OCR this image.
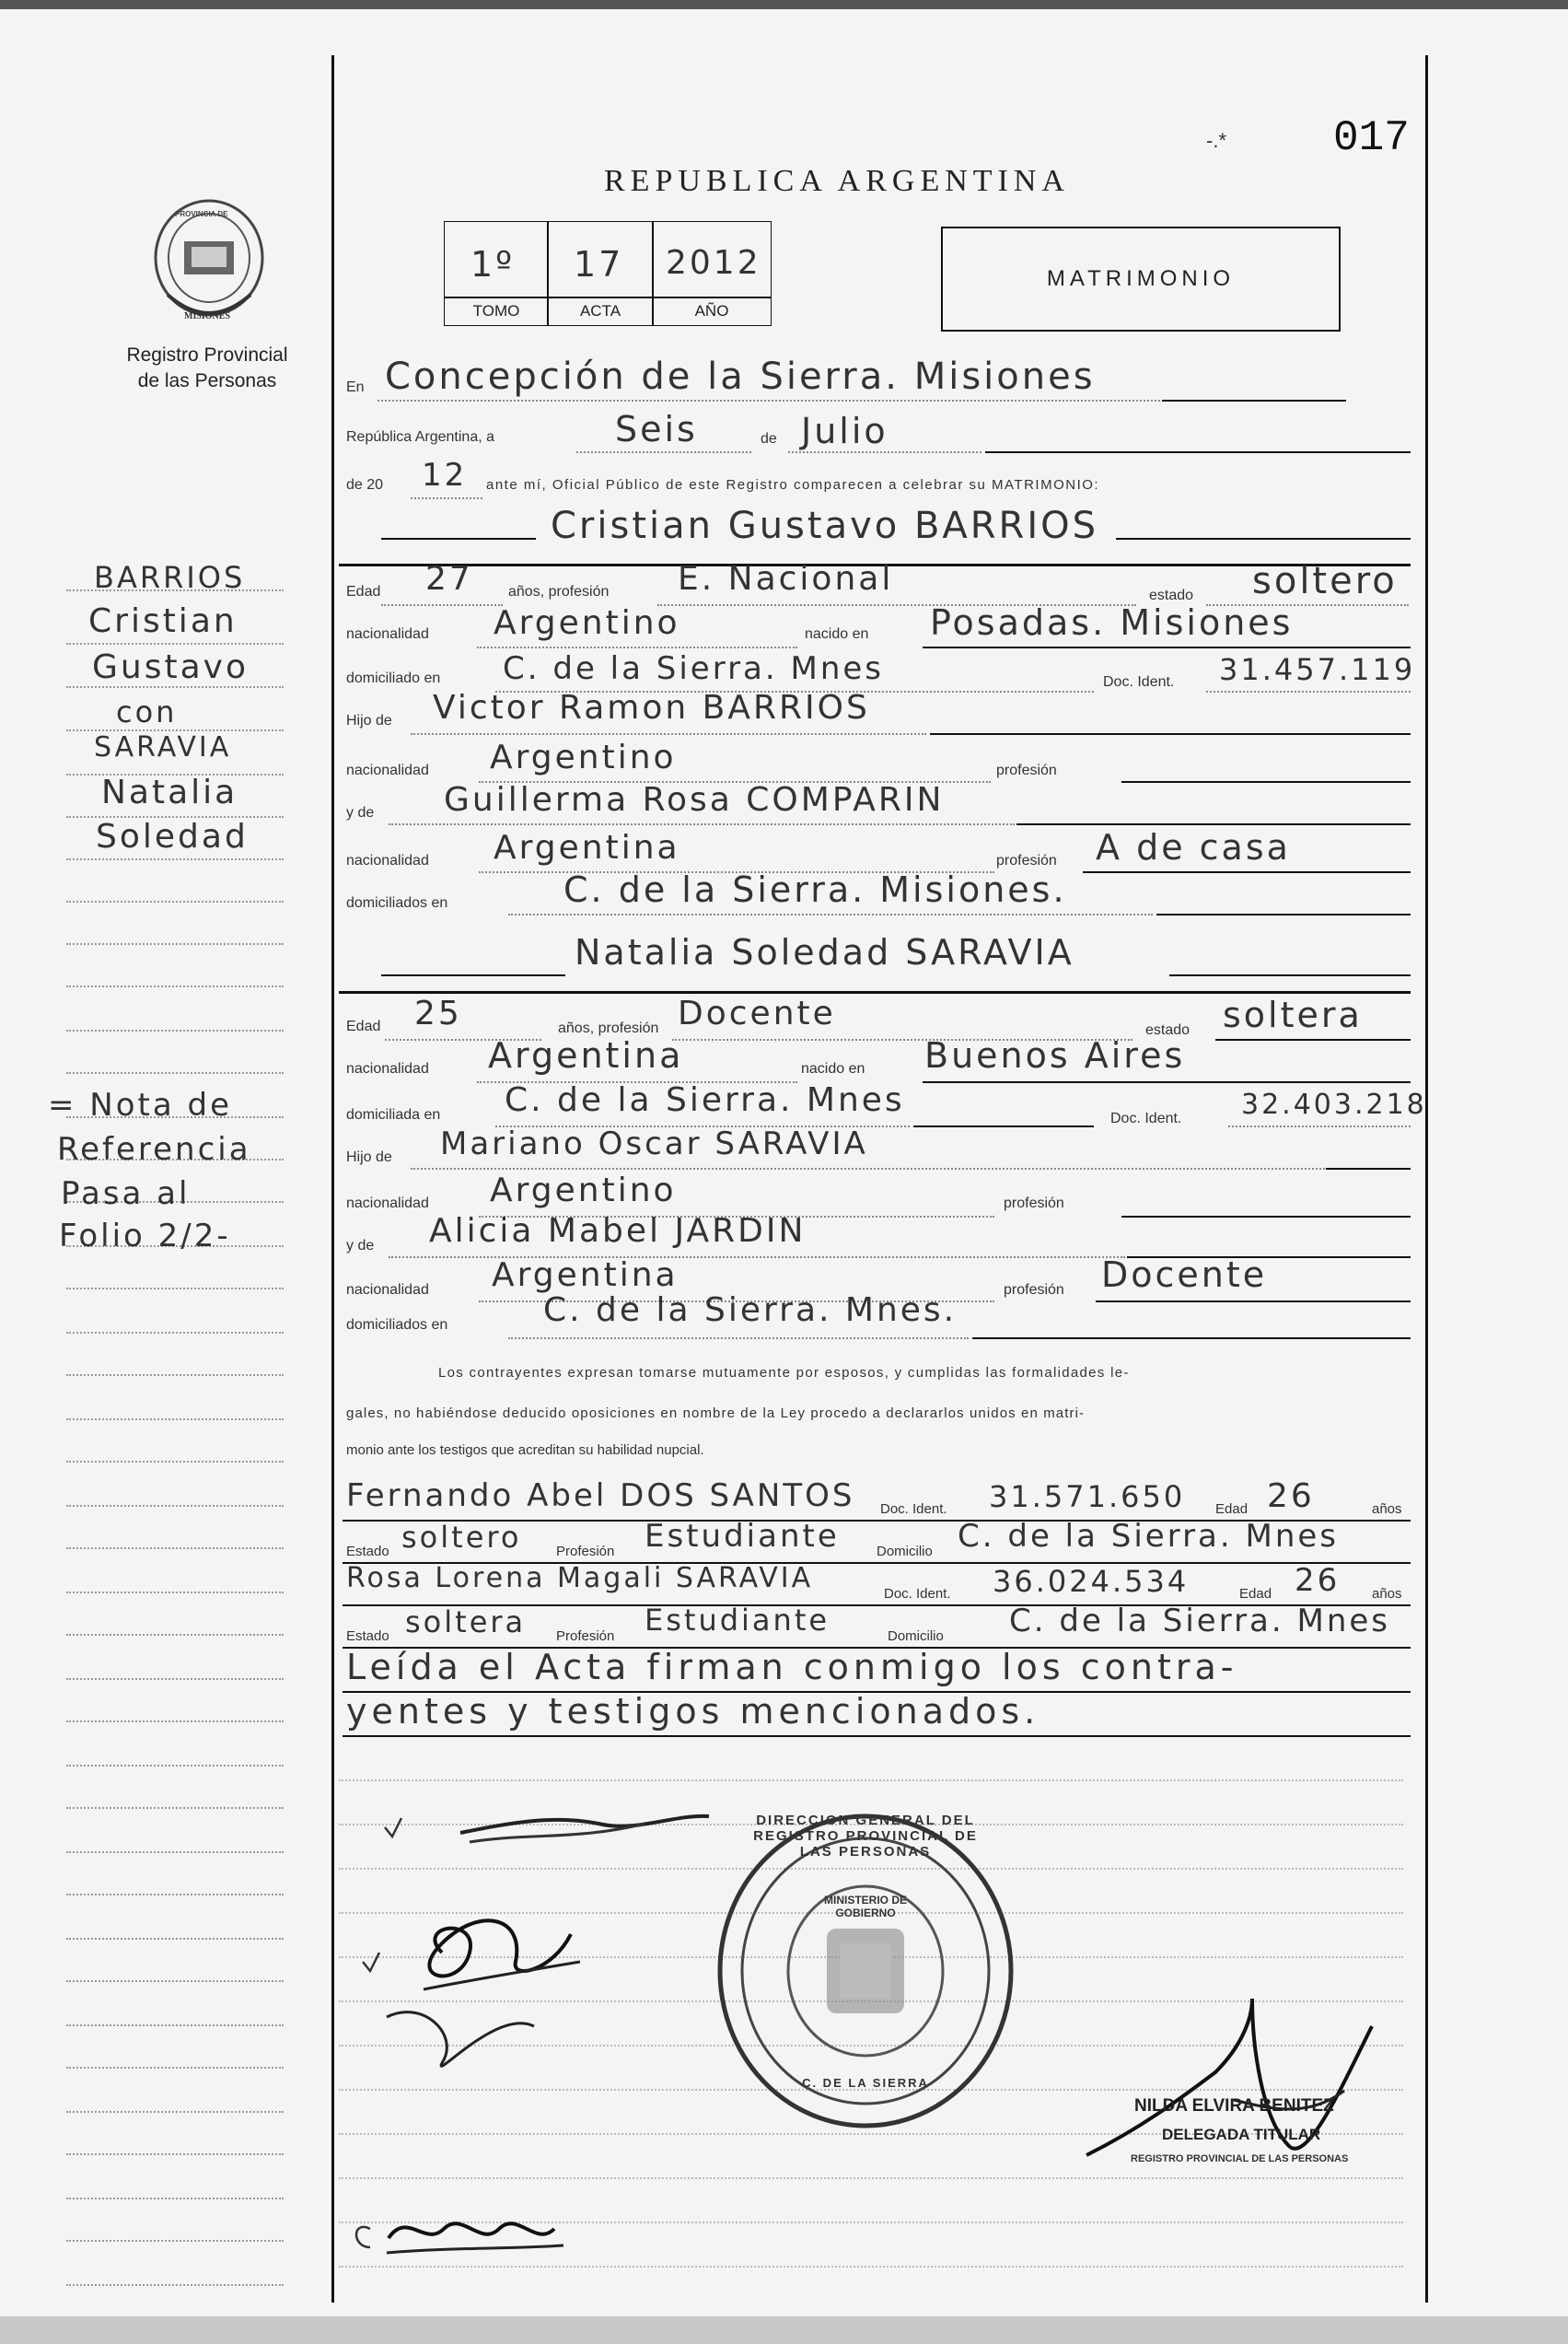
-.*	017
REPUBLICA ARGENTINA
PROVINCIA DE
MISIONES
Registro Provincial
de las Personas
1º 17 2012
TOMO	ACTA	AÑO
MATRIMONIO
BARRIOS
Cristian
Gustavo
con
SARAVIA
Natalia
Soledad
= Nota de
Referencia
Pasa al
Folio 2/2-
En Concepción de la Sierra. Misiones
República Argentina, a	Seis	de Julio
de 20 12 ante mí, Oficial Público de este Registro comparecen a celebrar su MATRIMONIO:
Cristian Gustavo BARRIOS
Edad 27 años, profesión E. Nacional	estado soltero
nacionalidad Argentino	nacido en Posadas. Misiones
domiciliado en C. de la Sierra. Mnes	Doc. Ident. 31.457.119
Hijo de Victor Ramon BARRIOS
nacionalidad Argentino	profesión
y de Guillerma Rosa COMPARIN
nacionalidad Argentina	profesión A de casa
domiciliados en	C. de la Sierra. Misiones.
Natalia Soledad SARAVIA
Edad 25	años, profesión Docente	estado soltera
nacionalidad Argentina	nacido en Buenos Aires
domiciliada en C. de la Sierra. Mnes	Doc. Ident. 32.403.218
Hijo de Mariano Oscar SARAVIA
nacionalidad Argentino	profesión
y de Alicia Mabel JARDIN
nacionalidad Argentina	profesión Docente
domiciliados en	C. de la Sierra. Mnes.
Los contrayentes expresan tomarse mutuamente por esposos, y cumplidas las formalidades le-
gales, no habiéndose deducido oposiciones en nombre de la Ley procedo a declararlos unidos en matri-
monio ante los testigos que acreditan su habilidad nupcial.
Fernando Abel DOS SANTOS Doc. Ident. 31.571.650 Edad 26	años
Estado soltero	Profesión Estudiante	Domicilio C. de la Sierra. Mnes
Rosa Lorena Magali SARAVIA	Doc. Ident. 36.024.534	Edad 26 años
Estado soltera Profesión Estudiante	Domicilio C. de la Sierra. Mnes
Leída el Acta firman conmigo los contra-
yentes y testigos mencionados.
DIRECCION GENERAL DEL REGISTRO PROVINCIAL DE LAS PERSONAS
MINISTERIO DE GOBIERNO
C. DE LA SIERRA
NILDA ELVIRA BENITEZ
DELEGADA TITULAR
REGISTRO PROVINCIAL DE LAS PERSONAS
